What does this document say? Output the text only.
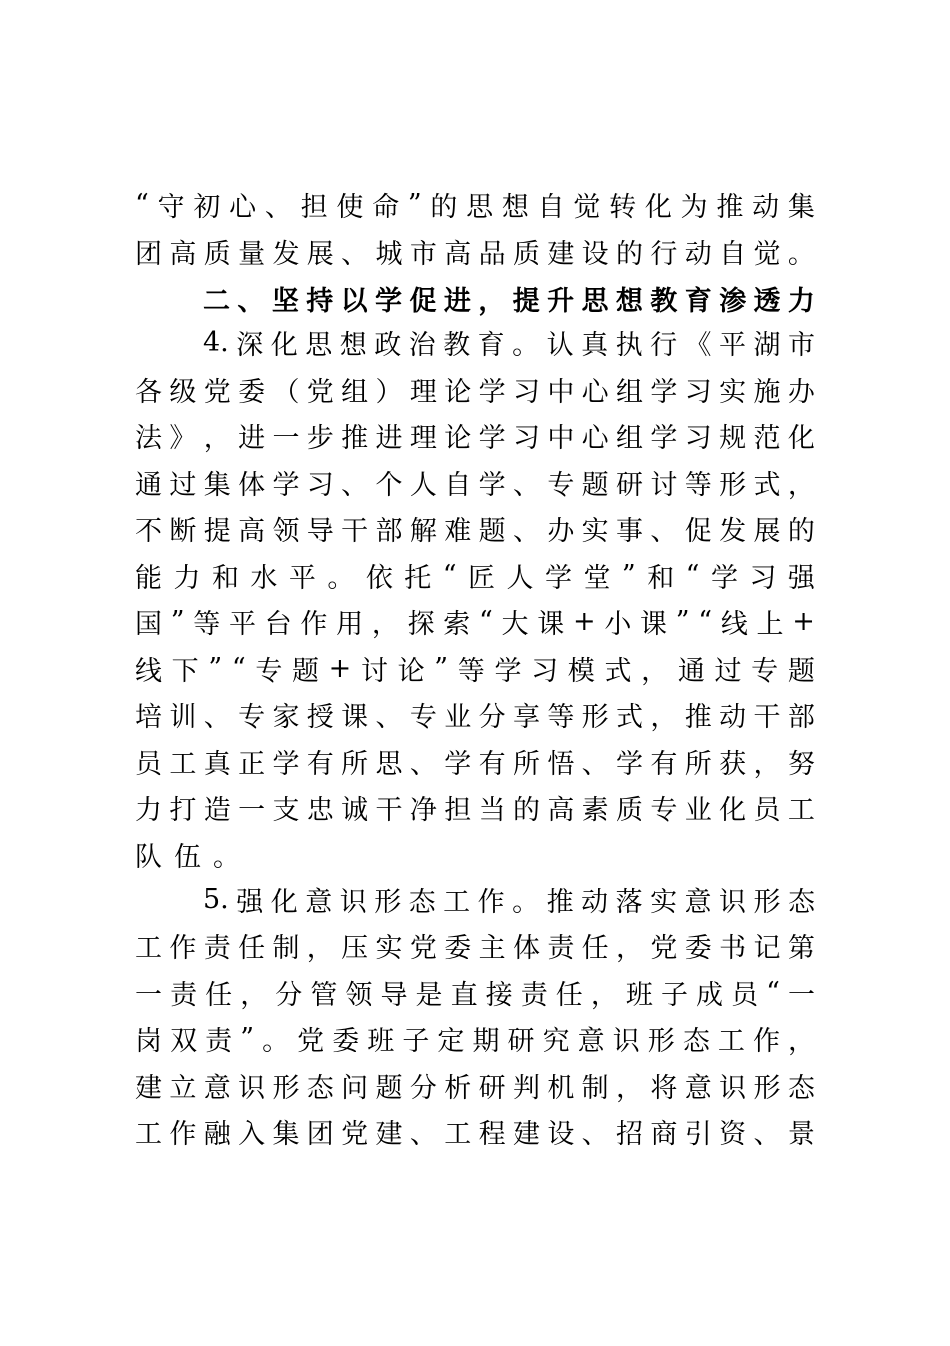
“ 守 初 心 、 担 使 命 ” 的 思 想 自 觉 转 化 为 推 动 集
团 高 质 量 发 展 、 城 市 高 品 质 建 设 的 行 动 自 觉 。
二 、 坚 持 以 学 促 进 ， 提 升 思 想 教 育 渗 透 力
4. 深 化 思 想 政 治 教 育 。 认 真 执 行 《 平 湖 市
各 级 党 委 （ 党 组 ） 理 论 学 习 中 心 组 学 习 实 施 办
法 》 ， 进 一 步 推 进 理 论 学 习 中 心 组 学 习 规 范 化
通 过 集 体 学 习 、 个 人 自 学 、 专 题 研 讨 等 形 式 ，
不 断 提 高 领 导 干 部 解 难 题 、 办 实 事 、 促 发 展 的
能 力 和 水 平 。 依 托 “ 匠 人 学 堂 ” 和 “ 学 习 强
国 ” 等 平 台 作 用 ， 探 索 “ 大 课 + 小 课 ” “ 线 上 +
线 下 ” “ 专 题 + 讨 论 ” 等 学 习 模 式 ， 通 过 专 题
培 训 、 专 家 授 课 、 专 业 分 享 等 形 式 ， 推 动 干 部
员 工 真 正 学 有 所 思 、 学 有 所 悟 、 学 有 所 获 ， 努
力 打 造 一 支 忠 诚 干 净 担 当 的 高 素 质 专 业 化 员 工
队 伍 。
5. 强 化 意 识 形 态 工 作 。 推 动 落 实 意 识 形 态
工 作 责 任 制 ， 压 实 党 委 主 体 责 任 ， 党 委 书 记 第
一 责 任 ， 分 管 领 导 是 直 接 责 任 ， 班 子 成 员 “ 一
岗 双 责 ” 。 党 委 班 子 定 期 研 究 意 识 形 态 工 作 ，
建 立 意 识 形 态 问 题 分 析 研 判 机 制 ， 将 意 识 形 态
工 作 融 入 集 团 党 建 、 工 程 建 设 、 招 商 引 资 、 景
